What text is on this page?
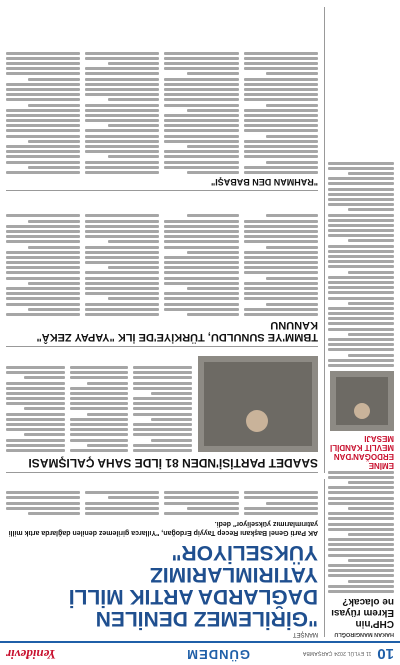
10
11 EYLÜL 2024 ÇARŞAMBA
GÜNDEM
Yeniđevir
HAKAN MANGIROĞLU
CHP'nin Ekrem rüyası ne olacak?
MANŞET
"GİRİLEMEZ DENİLEN DAĞLARDA ARTIK MİLLİ YATIRIMLARIMIZ YÜKSELİYOR"
AK Parti Genel Başkanı Recep Tayyip Erdoğan, "Yıllarca girilemez denilen dağlarda artık milli yatırımlarımız yükseliyor" dedi.
EMİNE ERDOĞAN'DAN MEVLİT KANDİLİ MESAJI
SAADET PARTİSİ'NDEN 81 İLDE SAHA ÇALIŞMASI
TBMM'YE SUNULDU, TÜRKİYE'DE İLK "YAPAY ZEKÂ" KANUNU
"RAHMAN DEN BABAŞI"
